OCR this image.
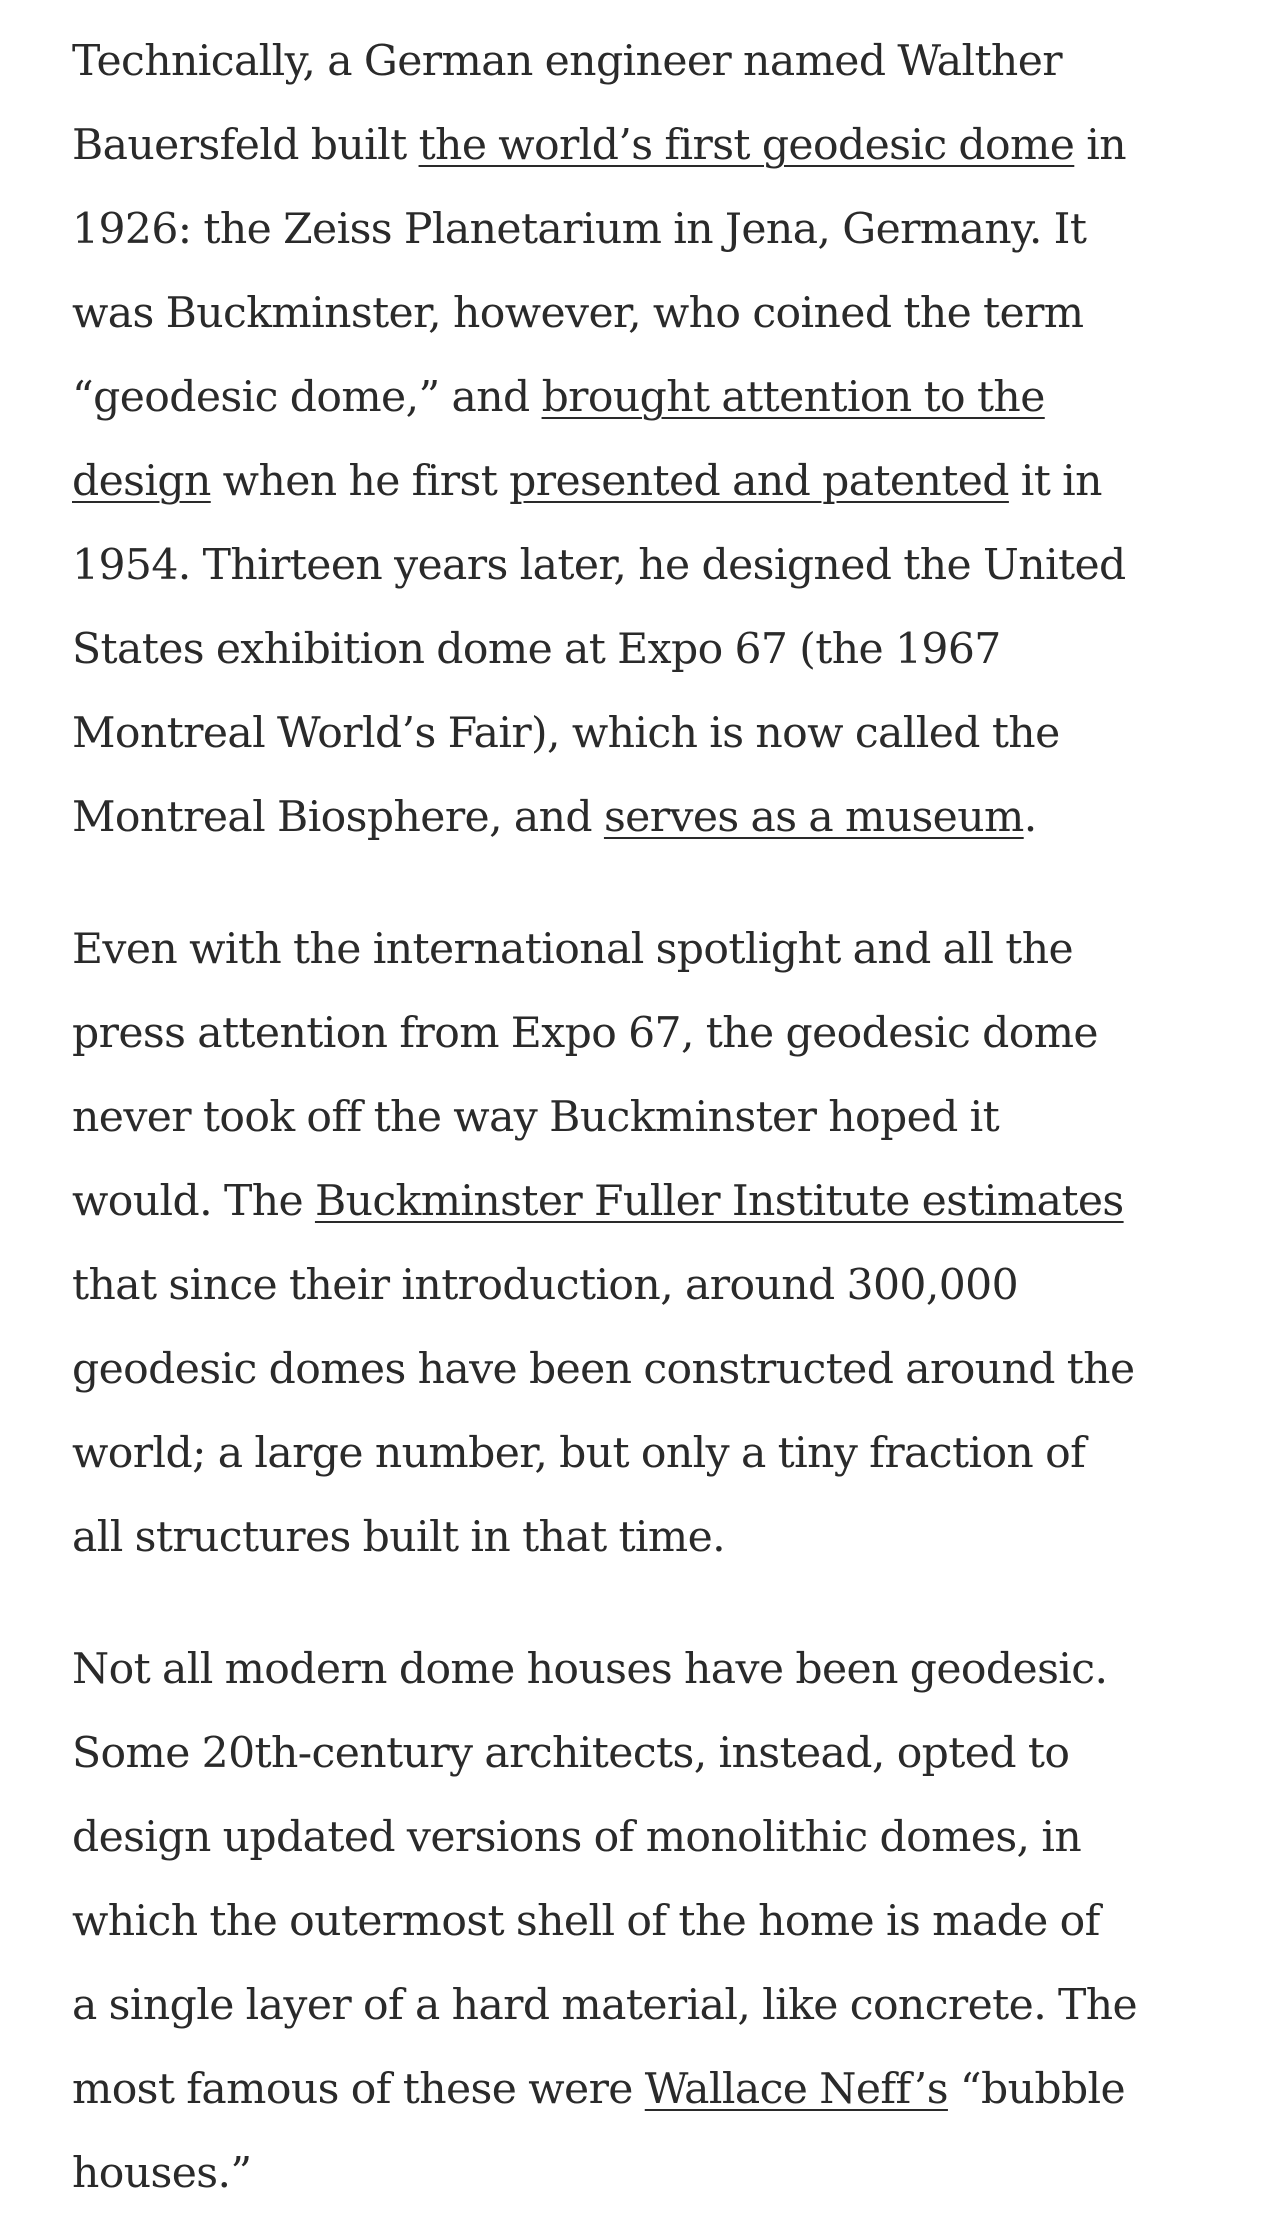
Technically, a German engineer named Walther
Bauersfeld built the world’s first geodesic dome in
1926: the Zeiss Planetarium in Jena, Germany. It
was Buckminster, however, who coined the term
“geodesic dome,” and brought attention to the
design when he first presented and patented it in
1954. Thirteen years later, he designed the United
States exhibition dome at Expo 67 (the 1967
Montreal World’s Fair), which is now called the
Montreal Biosphere, and serves as a museum.
Even with the international spotlight and all the
press attention from Expo 67, the geodesic dome
never took off the way Buckminster hoped it
would. The Buckminster Fuller Institute estimates
that since their introduction, around 300,000
geodesic domes have been constructed around the
world; a large number, but only a tiny fraction of
all structures built in that time.
Not all modern dome houses have been geodesic.
Some 20th-century architects, instead, opted to
design updated versions of monolithic domes, in
which the outermost shell of the home is made of
a single layer of a hard material, like concrete. The
most famous of these were Wallace Neff’s “bubble
houses.”
